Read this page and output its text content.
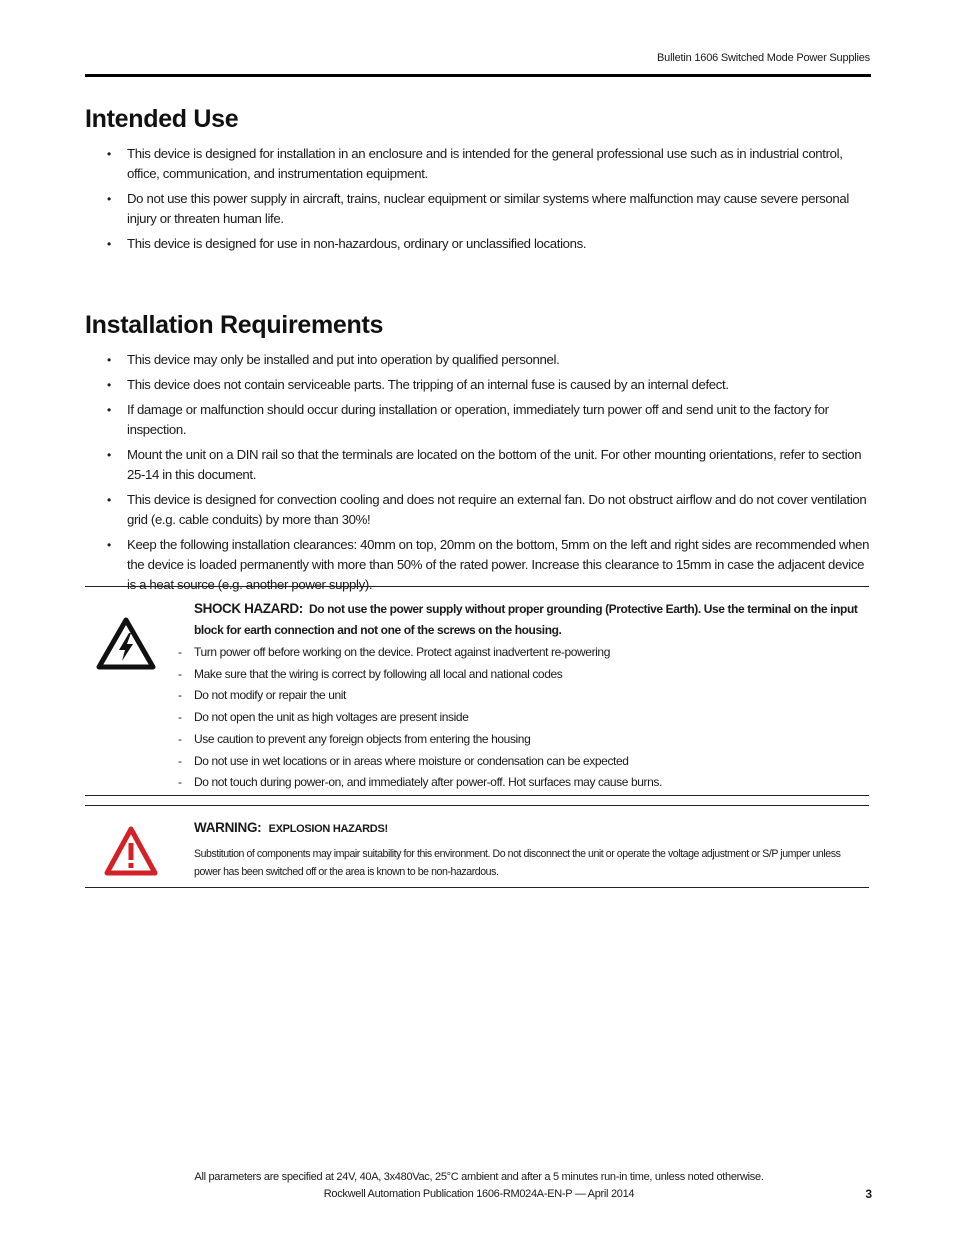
Bulletin 1606 Switched Mode Power Supplies
Intended Use
• This device is designed for installation in an enclosure and is intended for the general professional use such as in industrial control, office, communication, and instrumentation equipment.
• Do not use this power supply in aircraft, trains, nuclear equipment or similar systems where malfunction may cause severe personal injury or threaten human life.
• This device is designed for use in non-hazardous, ordinary or unclassified locations.
Installation Requirements
• This device may only be installed and put into operation by qualified personnel.
• This device does not contain serviceable parts. The tripping of an internal fuse is caused by an internal defect.
• If damage or malfunction should occur during installation or operation, immediately turn power off and send unit to the factory for inspection.
• Mount the unit on a DIN rail so that the terminals are located on the bottom of the unit. For other mounting orientations, refer to section 25-14 in this document.
• This device is designed for convection cooling and does not require an external fan. Do not obstruct airflow and do not cover ventilation grid (e.g. cable conduits) by more than 30%!
• Keep the following installation clearances: 40mm on top, 20mm on the bottom, 5mm on the left and right sides are recommended when the device is loaded permanently with more than 50% of the rated power. Increase this clearance to 15mm in case the adjacent device is a heat source (e.g. another power supply).
SHOCK HAZARD: Do not use the power supply without proper grounding (Protective Earth). Use the terminal on the input block for earth connection and not one of the screws on the housing.
- Turn power off before working on the device. Protect against inadvertent re-powering
- Make sure that the wiring is correct by following all local and national codes
- Do not modify or repair the unit
- Do not open the unit as high voltages are present inside
- Use caution to prevent any foreign objects from entering the housing
- Do not use in wet locations or in areas where moisture or condensation can be expected
- Do not touch during power-on, and immediately after power-off. Hot surfaces may cause burns.
WARNING: EXPLOSION HAZARDS!
Substitution of components may impair suitability for this environment. Do not disconnect the unit or operate the voltage adjustment or S/P jumper unless power has been switched off or the area is known to be non-hazardous.
All parameters are specified at 24V, 40A, 3x480Vac, 25°C ambient and after a 5 minutes run-in time, unless noted otherwise.
Rockwell Automation Publication 1606-RM024A-EN-P — April 2014	3
